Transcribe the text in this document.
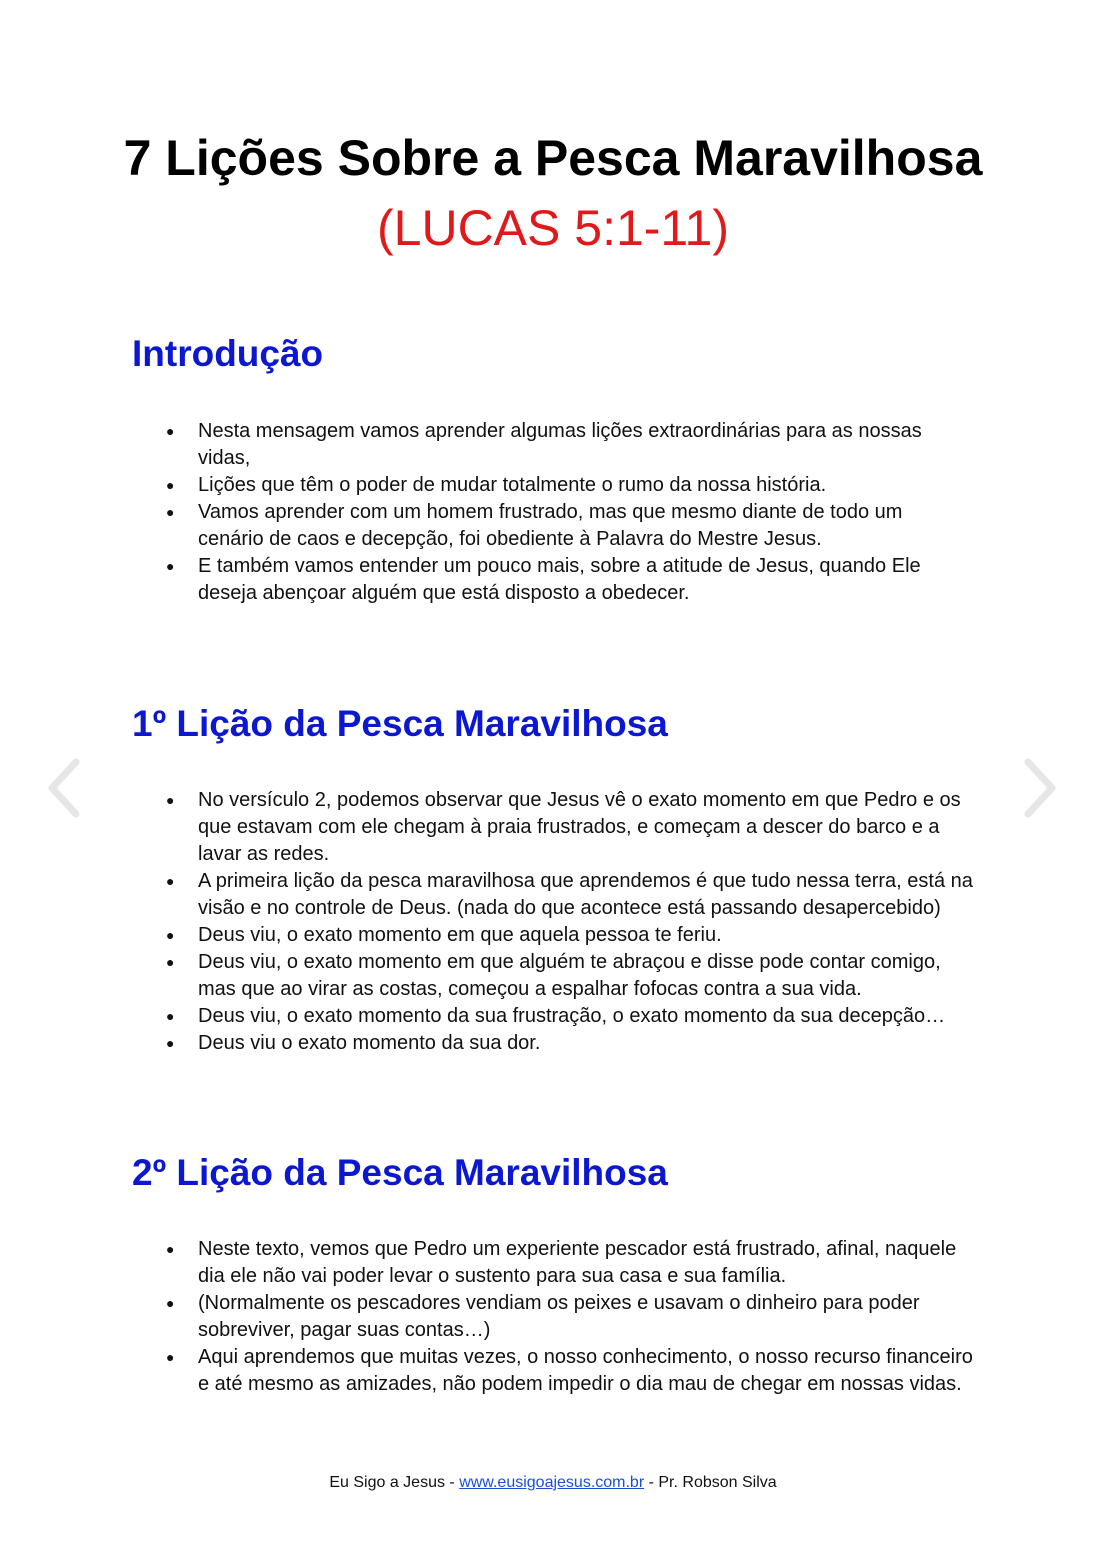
7 Lições Sobre a Pesca Maravilhosa
(LUCAS 5:1-11)
Introdução
● Nesta mensagem vamos aprender algumas lições extraordinárias para as nossas vidas,
● Lições que têm o poder de mudar totalmente o rumo da nossa história.
● Vamos aprender com um homem frustrado, mas que mesmo diante de todo um cenário de caos e decepção, foi obediente à Palavra do Mestre Jesus.
● E também vamos entender um pouco mais, sobre a atitude de Jesus, quando Ele deseja abençoar alguém que está disposto a obedecer.
1º Lição da Pesca Maravilhosa
● No versículo 2, podemos observar que Jesus vê o exato momento em que Pedro e os que estavam com ele chegam à praia frustrados, e começam a descer do barco e a lavar as redes.
● A primeira lição da pesca maravilhosa que aprendemos é que tudo nessa terra, está na visão e no controle de Deus. (nada do que acontece está passando desapercebido)
● Deus viu, o exato momento em que aquela pessoa te feriu.
● Deus viu, o exato momento em que alguém te abraçou e disse pode contar comigo, mas que ao virar as costas, começou a espalhar fofocas contra a sua vida.
● Deus viu, o exato momento da sua frustração, o exato momento da sua decepção…
● Deus viu o exato momento da sua dor.
2º Lição da Pesca Maravilhosa
● Neste texto, vemos que Pedro um experiente pescador está frustrado, afinal, naquele dia ele não vai poder levar o sustento para sua casa e sua família.
● (Normalmente os pescadores vendiam os peixes e usavam o dinheiro para poder sobreviver, pagar suas contas…)
● Aqui aprendemos que muitas vezes, o nosso conhecimento, o nosso recurso financeiro e até mesmo as amizades, não podem impedir o dia mau de chegar em nossas vidas.
Eu Sigo a Jesus - www.eusigoajesus.com.br - Pr. Robson Silva
